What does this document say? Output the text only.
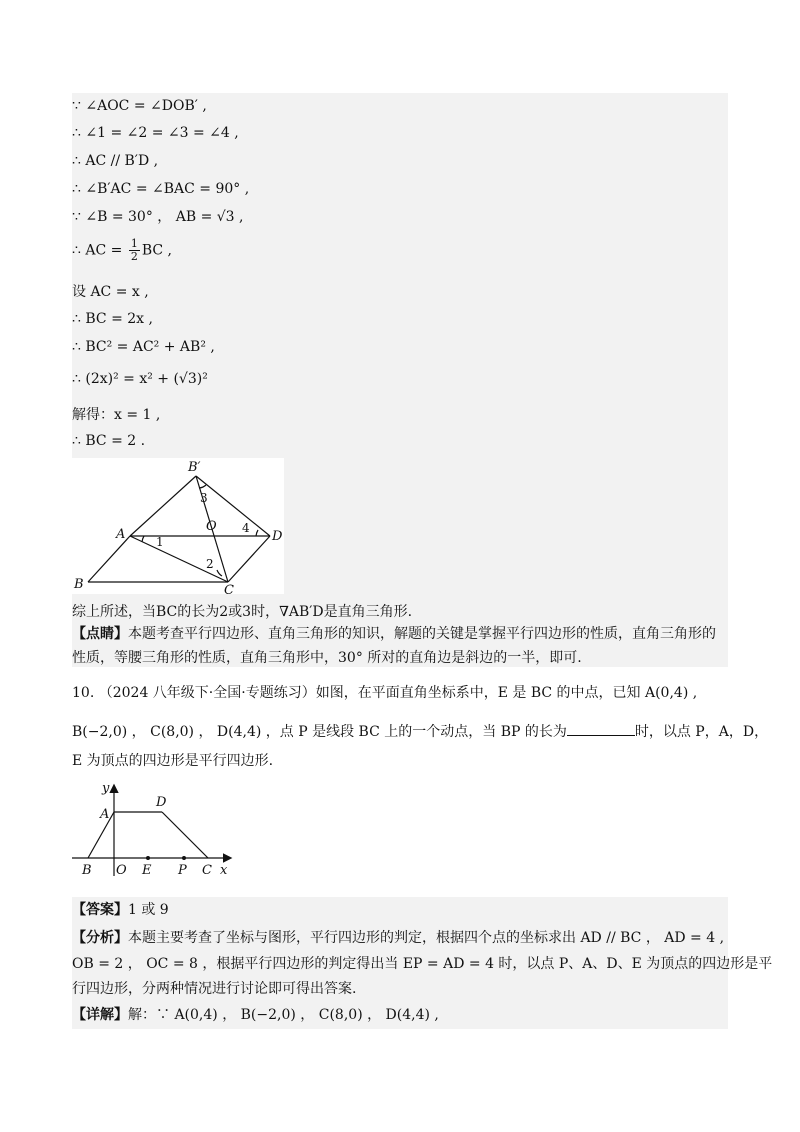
∵ ∠AOC = ∠DOB′ ,
∴ ∠1 = ∠2 = ∠3 = ∠4 ,
∴ AC // B′D ,
∴ ∠B′AC = ∠BAC = 90° ,
∵ ∠B = 30° ， AB = √3 ,
∴ AC = $\frac{1}{2}$ BC ,
设 AC = x ,
∴ BC = 2x ,
∴ BC² = AC² + AB² ,
∴ (2x)² = x² + (√3)²
解得：x = 1 ,
∴ BC = 2 .
B′
A
O
D
B	C
1
2
3
4
综上所述，当BC的长为2或3时，∇AB′D是直角三角形.
【点睛】本题考查平行四边形、直角三角形的知识，解题的关键是掌握平行四边形的性质，直角三角形的性质，等腰三角形的性质，直角三角形中，30° 所对的直角边是斜边的一半，即可.
10. （2024 八年级下·全国·专题练习）如图，在平面直角坐标系中，E 是 BC 的中点，已知 A(0,4) ,
B(−2,0) ， C(8,0) ， D(4,4) ，点 P 是线段 BC 上的一个动点，当 BP 的长为	时，以点 P，A，D，
E 为顶点的四边形是平行四边形.
y
A
D
B O E P C x
【答案】1 或 9
【分析】本题主要考查了坐标与图形，平行四边形的判定，根据四个点的坐标求出 AD // BC ， AD = 4 ,
OB = 2 ， OC = 8 ，根据平行四边形的判定得出当 EP = AD = 4 时，以点 P、A、D、E 为顶点的四边形是平
行四边形，分两种情况进行讨论即可得出答案.
【详解】解：∵ A(0,4) ， B(−2,0) ， C(8,0) ， D(4,4) ,
